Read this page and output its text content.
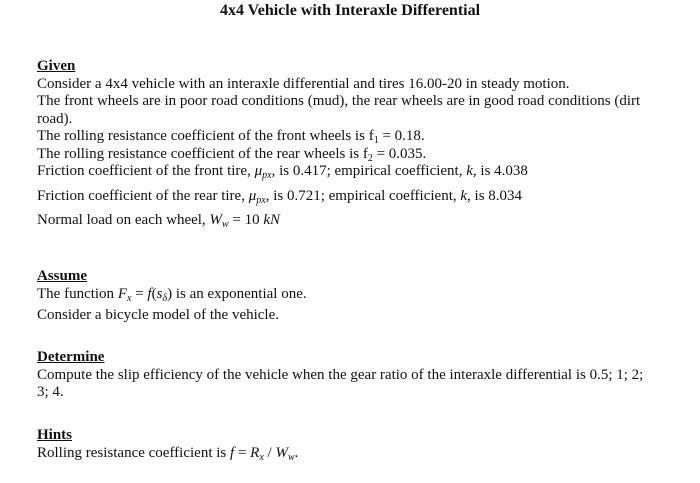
4x4 Vehicle with Interaxle Differential
Given
Consider a 4x4 vehicle with an interaxle differential and tires 16.00-20 in steady motion.
The front wheels are in poor road conditions (mud), the rear wheels are in good road conditions (dirt road).
The rolling resistance coefficient of the front wheels is $f_1 = 0.18$.
The rolling resistance coefficient of the rear wheels is $f_2 = 0.035$.
Friction coefficient of the front tire, $\mu_{px}$, is 0.417; empirical coefficient, k, is 4.038
Friction coefficient of the rear tire, $\mu_{px}$, is 0.721; empirical coefficient, k, is 8.034
Normal load on each wheel, $W_w = 10$ kN
Assume
The function $F_x = f(s_\delta)$ is an exponential one.
Consider a bicycle model of the vehicle.
Determine
Compute the slip efficiency of the vehicle when the gear ratio of the interaxle differential is 0.5; 1; 2; 3; 4.
Hints
Rolling resistance coefficient is $f = R_x / W_w$.
